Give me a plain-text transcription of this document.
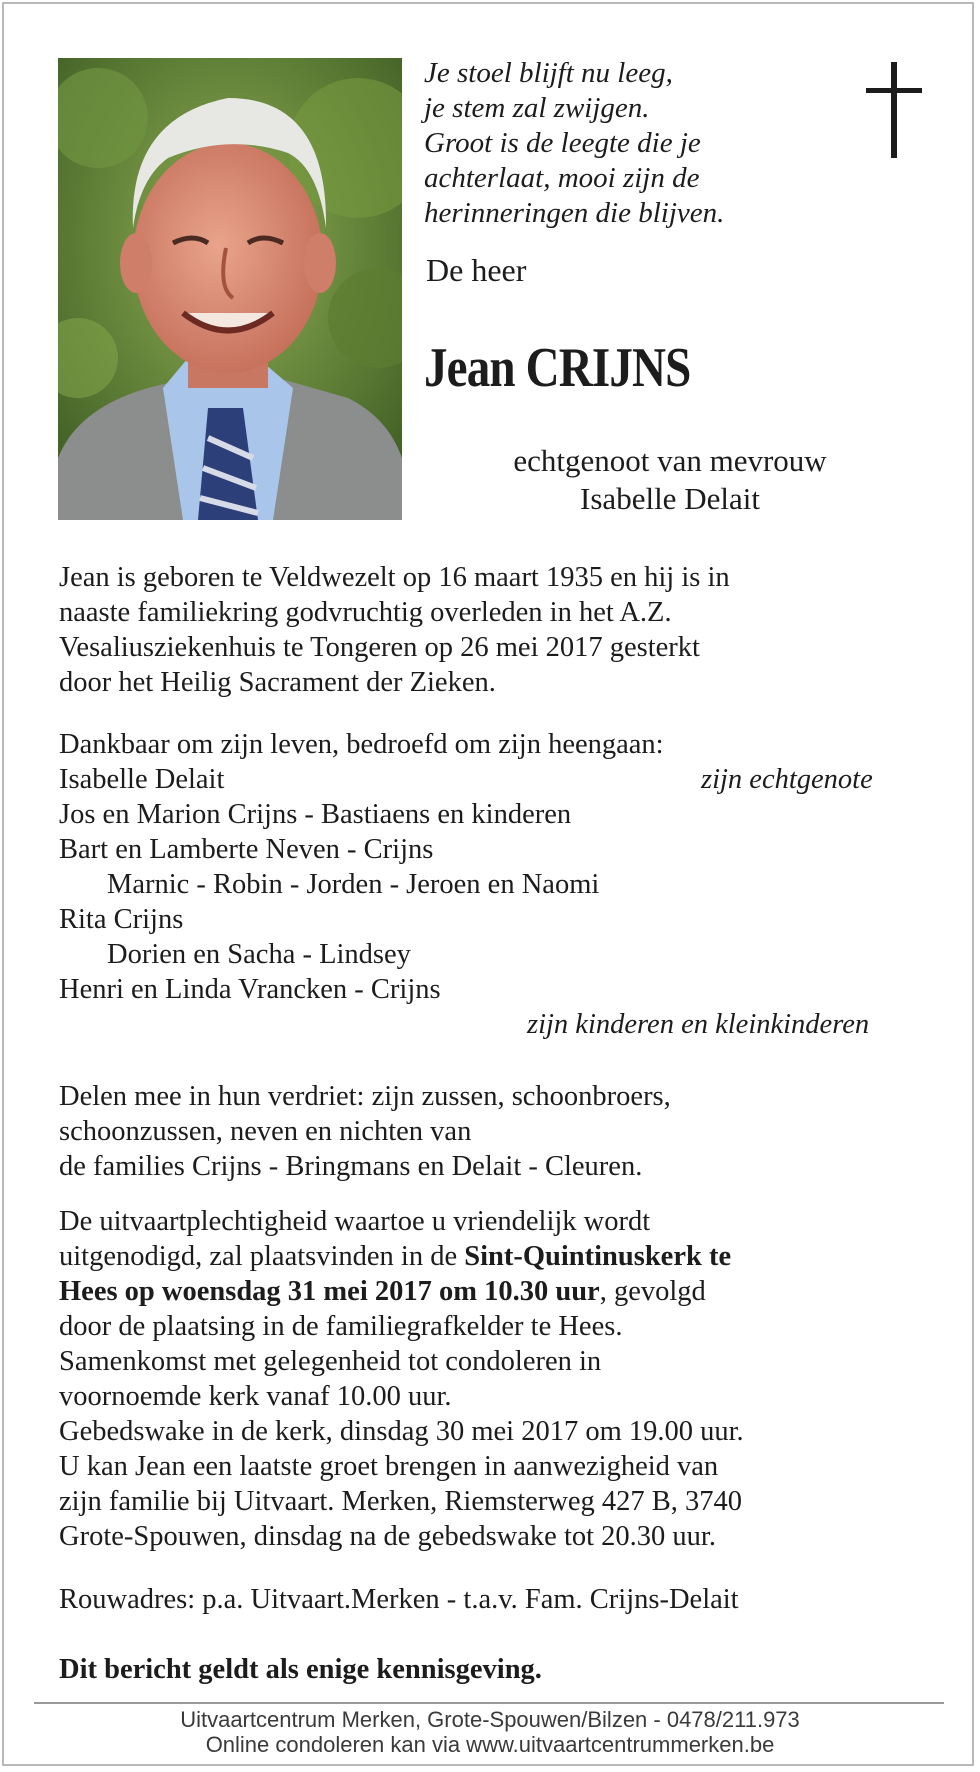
Je stoel blijft nu leeg,
je stem zal zwijgen.
Groot is de leegte die je
achterlaat, mooi zijn de
herinneringen die blijven.
De heer
Jean CRIJNS
echtgenoot van mevrouw
Isabelle Delait
Jean is geboren te Veldwezelt op 16 maart 1935 en hij is in
naaste familiekring godvruchtig overleden in het A.Z.
Vesaliusziekenhuis te Tongeren op 26 mei 2017 gesterkt
door het Heilig Sacrament der Zieken.
Dankbaar om zijn leven, bedroefd om zijn heengaan:
Isabelle Delait	zijn echtgenote
Jos en Marion Crijns - Bastiaens en kinderen
Bart en Lamberte Neven - Crijns
Marnic - Robin - Jorden - Jeroen en Naomi
Rita Crijns
Dorien en Sacha - Lindsey
Henri en Linda Vrancken - Crijns
zijn kinderen en kleinkinderen
Delen mee in hun verdriet: zijn zussen, schoonbroers,
schoonzussen, neven en nichten van
de families Crijns - Bringmans en Delait - Cleuren.
De uitvaartplechtigheid waartoe u vriendelijk wordt
uitgenodigd, zal plaatsvinden in de Sint-Quintinuskerk te
Hees op woensdag 31 mei 2017 om 10.30 uur, gevolgd
door de plaatsing in de familiegrafkelder te Hees.
Samenkomst met gelegenheid tot condoleren in
voornoemde kerk vanaf 10.00 uur.
Gebedswake in de kerk, dinsdag 30 mei 2017 om 19.00 uur.
U kan Jean een laatste groet brengen in aanwezigheid van
zijn familie bij Uitvaart. Merken, Riemsterweg 427 B, 3740
Grote-Spouwen, dinsdag na de gebedswake tot 20.30 uur.
Rouwadres: p.a. Uitvaart.Merken - t.a.v. Fam. Crijns-Delait
Dit bericht geldt als enige kennisgeving.
Uitvaartcentrum Merken, Grote-Spouwen/Bilzen - 0478/211.973
Online condoleren kan via www.uitvaartcentrummerken.be
